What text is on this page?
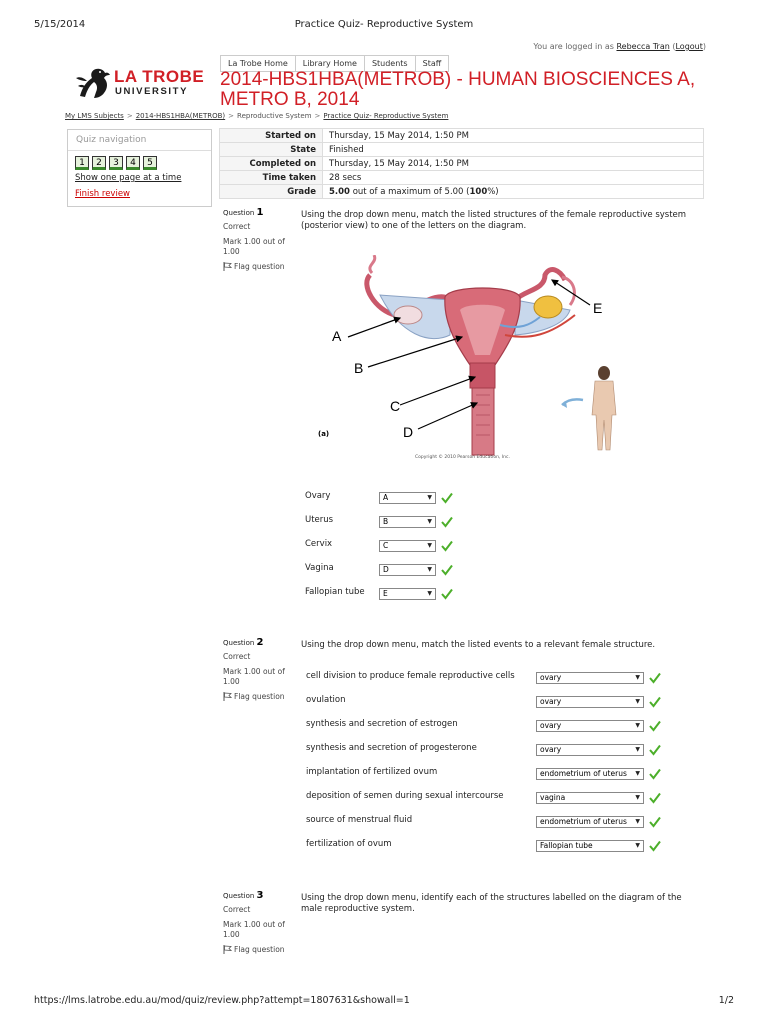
5/15/2014	Practice Quiz- Reproductive System
You are logged in as Rebecca Tran (Logout)
La Trobe Home	Library Home	Students	Staff
LA TROBE
UNIVERSITY
2014-HBS1HBA(METROB) - HUMAN BIOSCIENCES A, METRO B, 2014
My LMS Subjects > 2014-HBS1HBA(METROB) > Reproductive System > Practice Quiz- Reproductive System
Quiz navigation
1	2	3	4	5
Show one page at a time
Finish review
Started on	Thursday, 15 May 2014, 1:50 PM
State	Finished
Completed on	Thursday, 15 May 2014, 1:50 PM
Time taken	28 secs
Grade	5.00 out of a maximum of 5.00 (100%)
Question 1
Correct
Mark 1.00 out of 1.00
Flag question
Using the drop down menu, match the listed structures of the female reproductive system (posterior view) to one of the letters on the diagram.
A
B
C
D
E
(a)
Copyright © 2010 Pearson Education, Inc.
Ovary	A	▼
Uterus	B	▼
Cervix	C	▼
Vagina	D	▼
Fallopian tube	E	▼
Question 2
Correct
Mark 1.00 out of 1.00
Flag question
Using the drop down menu, match the listed events to a relevant female structure.
cell division to produce female reproductive cells	ovary	▼
ovulation	ovary	▼
synthesis and secretion of estrogen	ovary	▼
synthesis and secretion of progesterone	ovary	▼
implantation of fertilized ovum	endometrium of uterus ▼
deposition of semen during sexual intercourse	vagina	▼
source of menstrual fluid	endometrium of uterus ▼
fertilization of ovum	Fallopian tube	▼
Question 3
Correct
Mark 1.00 out of 1.00
Flag question
Using the drop down menu, identify each of the structures labelled on the diagram of the male reproductive system.
https://lms.latrobe.edu.au/mod/quiz/review.php?attempt=1807631&showall=1	1/2
